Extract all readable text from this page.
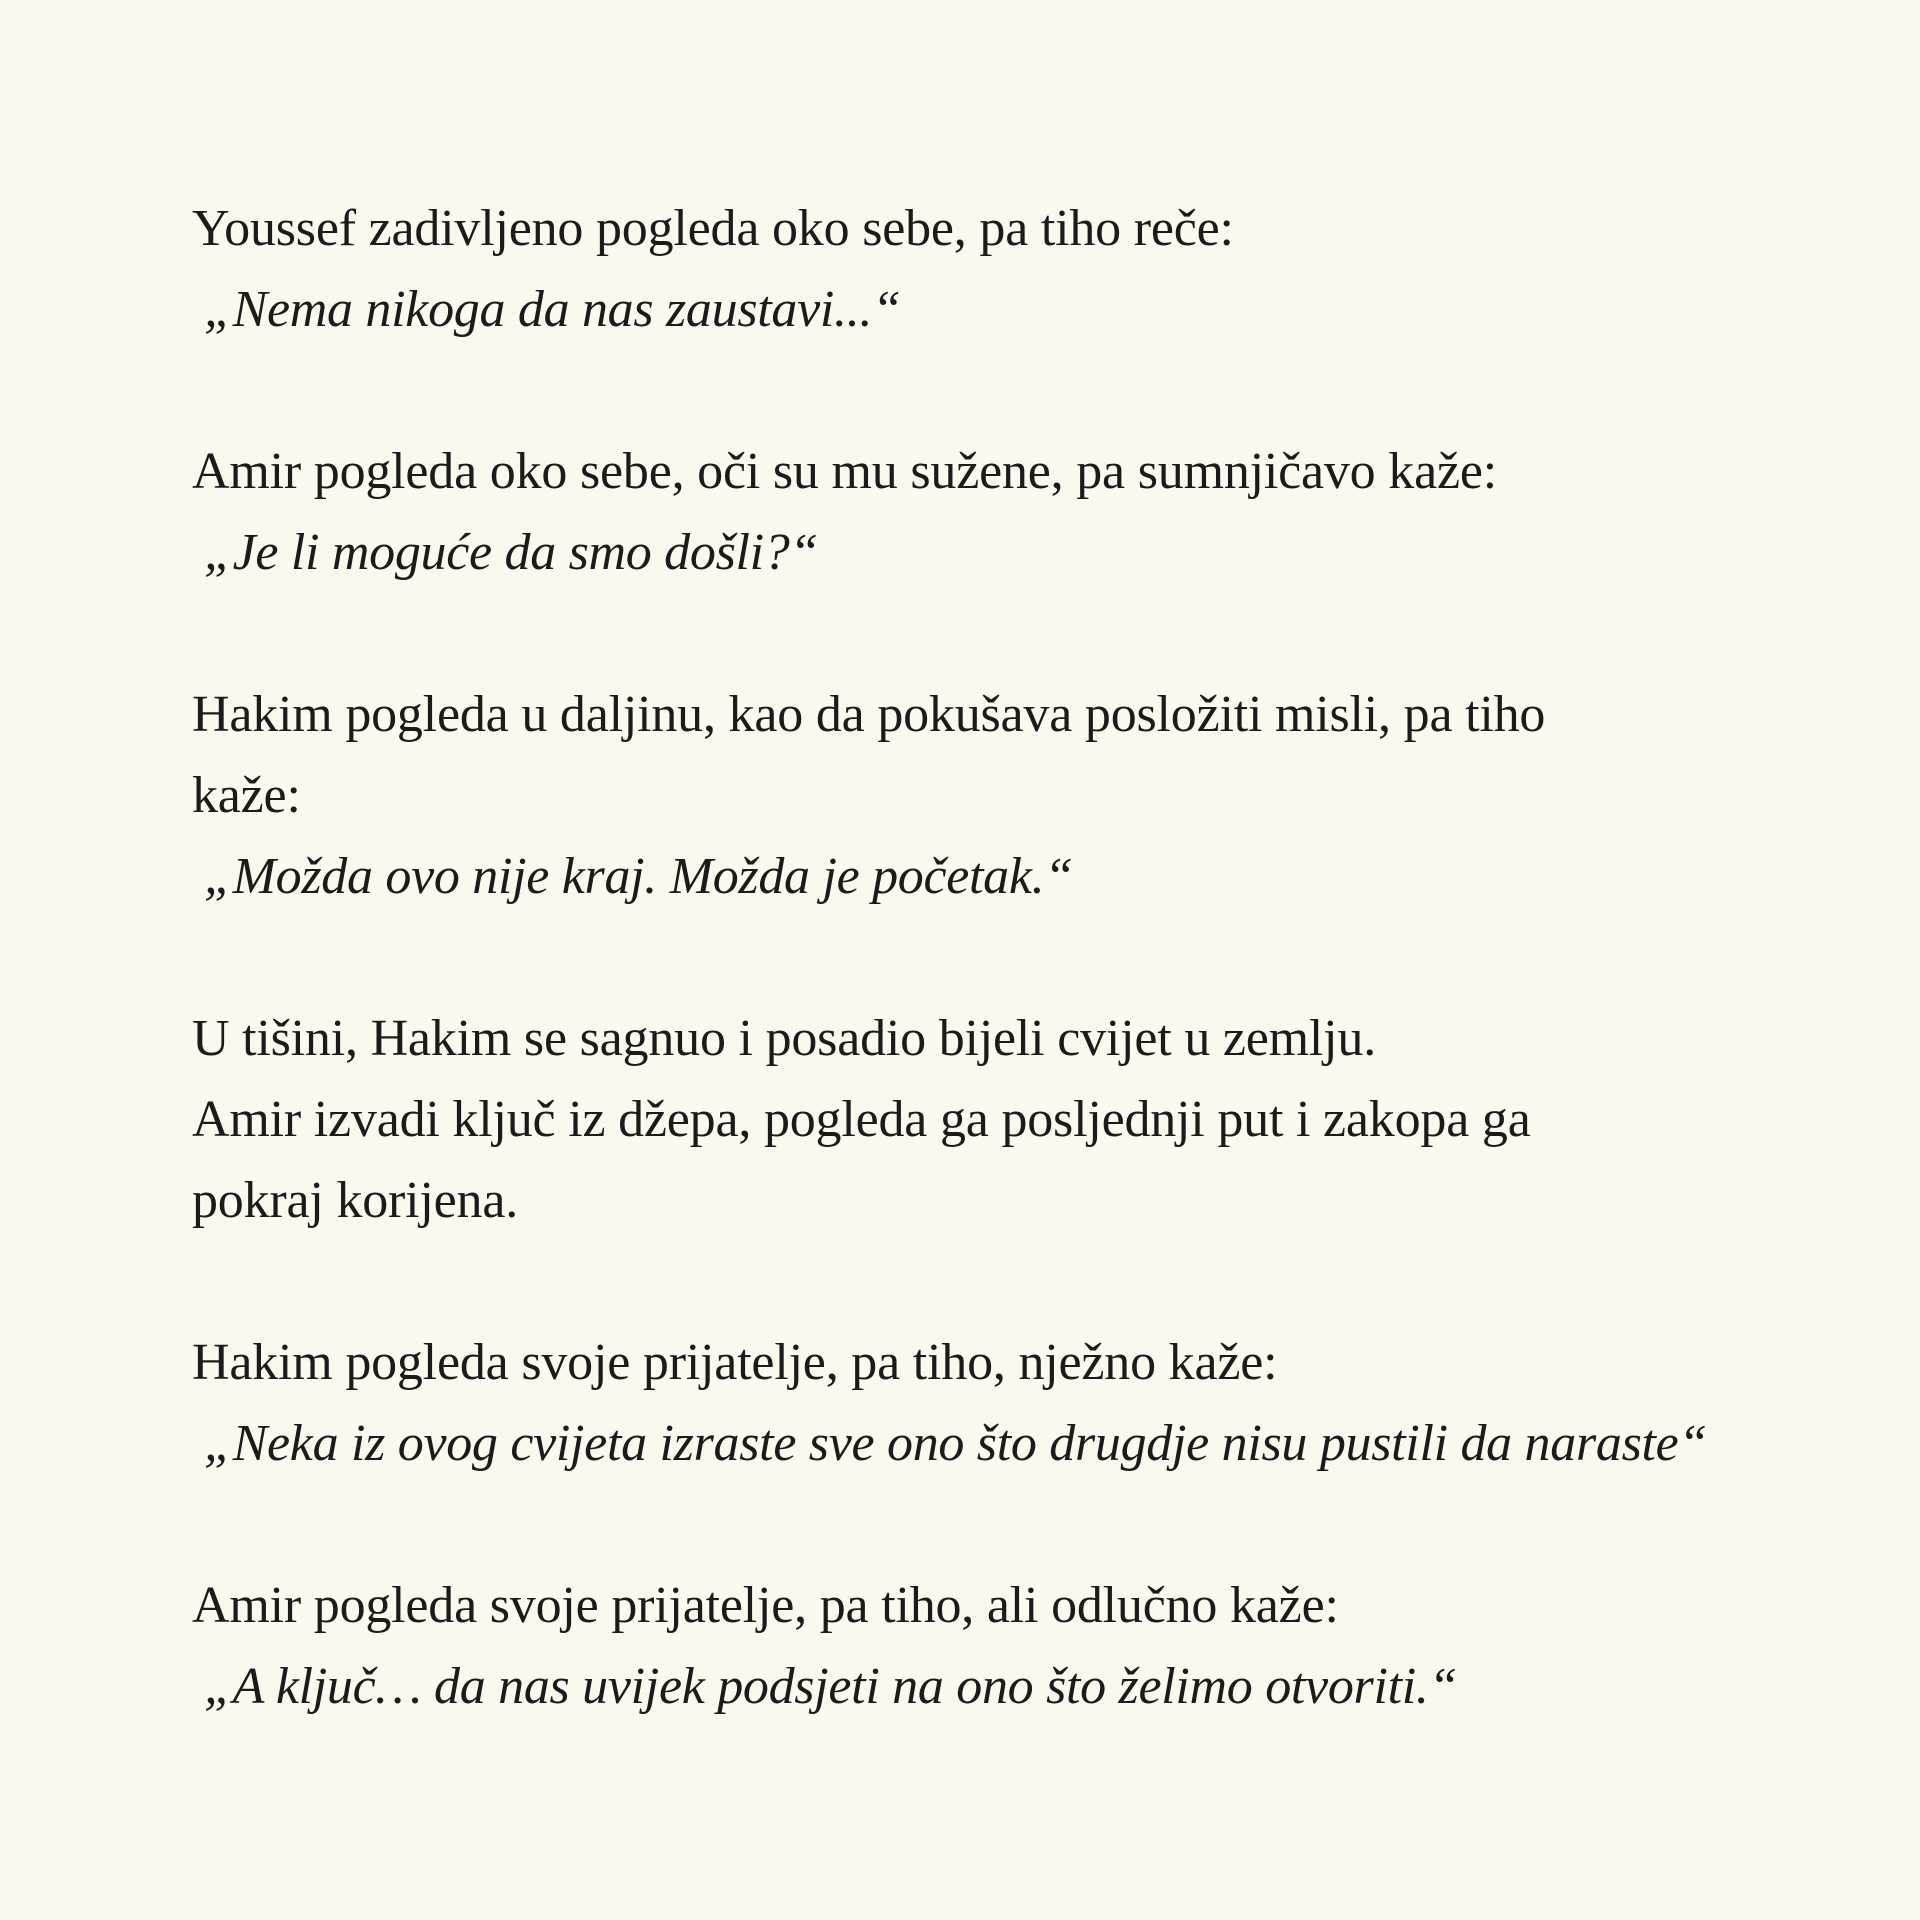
Youssef zadivljeno pogleda oko sebe, pa tiho reče:
„Nema nikoga da nas zaustavi...“
Amir pogleda oko sebe, oči su mu sužene, pa sumnjičavo kaže:
„Je li moguće da smo došli?“
Hakim pogleda u daljinu, kao da pokušava posložiti misli, pa tiho
kaže:
„Možda ovo nije kraj. Možda je početak.“
U tišini, Hakim se sagnuo i posadio bijeli cvijet u zemlju.
Amir izvadi ključ iz džepa, pogleda ga posljednji put i zakopa ga
pokraj korijena.
Hakim pogleda svoje prijatelje, pa tiho, nježno kaže:
„Neka iz ovog cvijeta izraste sve ono što drugdje nisu pustili da naraste“
Amir pogleda svoje prijatelje, pa tiho, ali odlučno kaže:
„A ključ… da nas uvijek podsjeti na ono što želimo otvoriti.“
